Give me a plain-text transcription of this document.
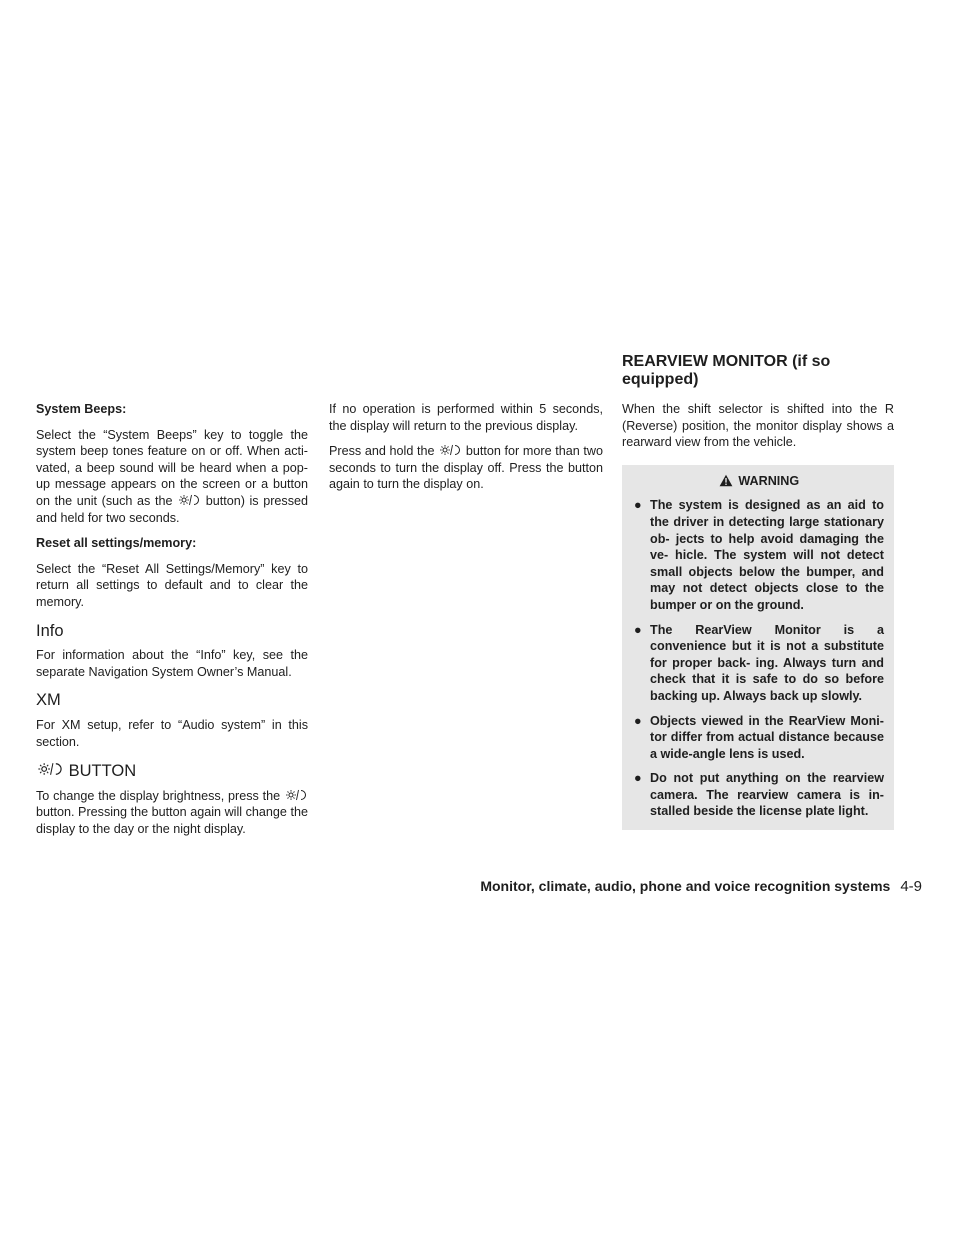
System Beeps:

Select the “System Beeps” key to toggle the system beep tones feature on or off. When acti- vated, a beep sound will be heard when a pop-up message appears on the screen or a button on the unit (such as the	button) is pressed and held for two seconds.

Reset all settings/memory:

Select the “Reset All Settings/Memory” key to return all settings to default and to clear the memory.

Info

For information about the “Info” key, see the separate Navigation System Owner’s Manual.

XM

For XM setup, refer to “Audio system” in this section.

BUTTON

To change the display brightness, press the  button. Pressing the button again will change the display to the day or the night display.

If no operation is performed within 5 seconds, the display will return to the previous display.

Press and hold the button for more than two seconds to turn the display off. Press the button again to turn the display on.

REARVIEW MONITOR (if so equipped)

When the shift selector is shifted into the R (Reverse) position, the monitor display shows a rearward view from the vehicle.

WARNING
● The system is designed as an aid to the driver in detecting large stationary ob- jects to help avoid damaging the ve- hicle. The system will not detect small objects below the bumper, and may not detect objects close to the bumper or on the ground.
● The RearView Monitor is a convenience but it is not a substitute for proper back- ing. Always turn and check that it is safe to do so before backing up. Always back up slowly.
● Objects viewed in the RearView Moni- tor differ from actual distance because a wide-angle lens is used.
● Do not put anything on the rearview camera. The rearview camera is in- stalled beside the license plate light.
Monitor, climate, audio, phone and voice recognition systems 4-9
